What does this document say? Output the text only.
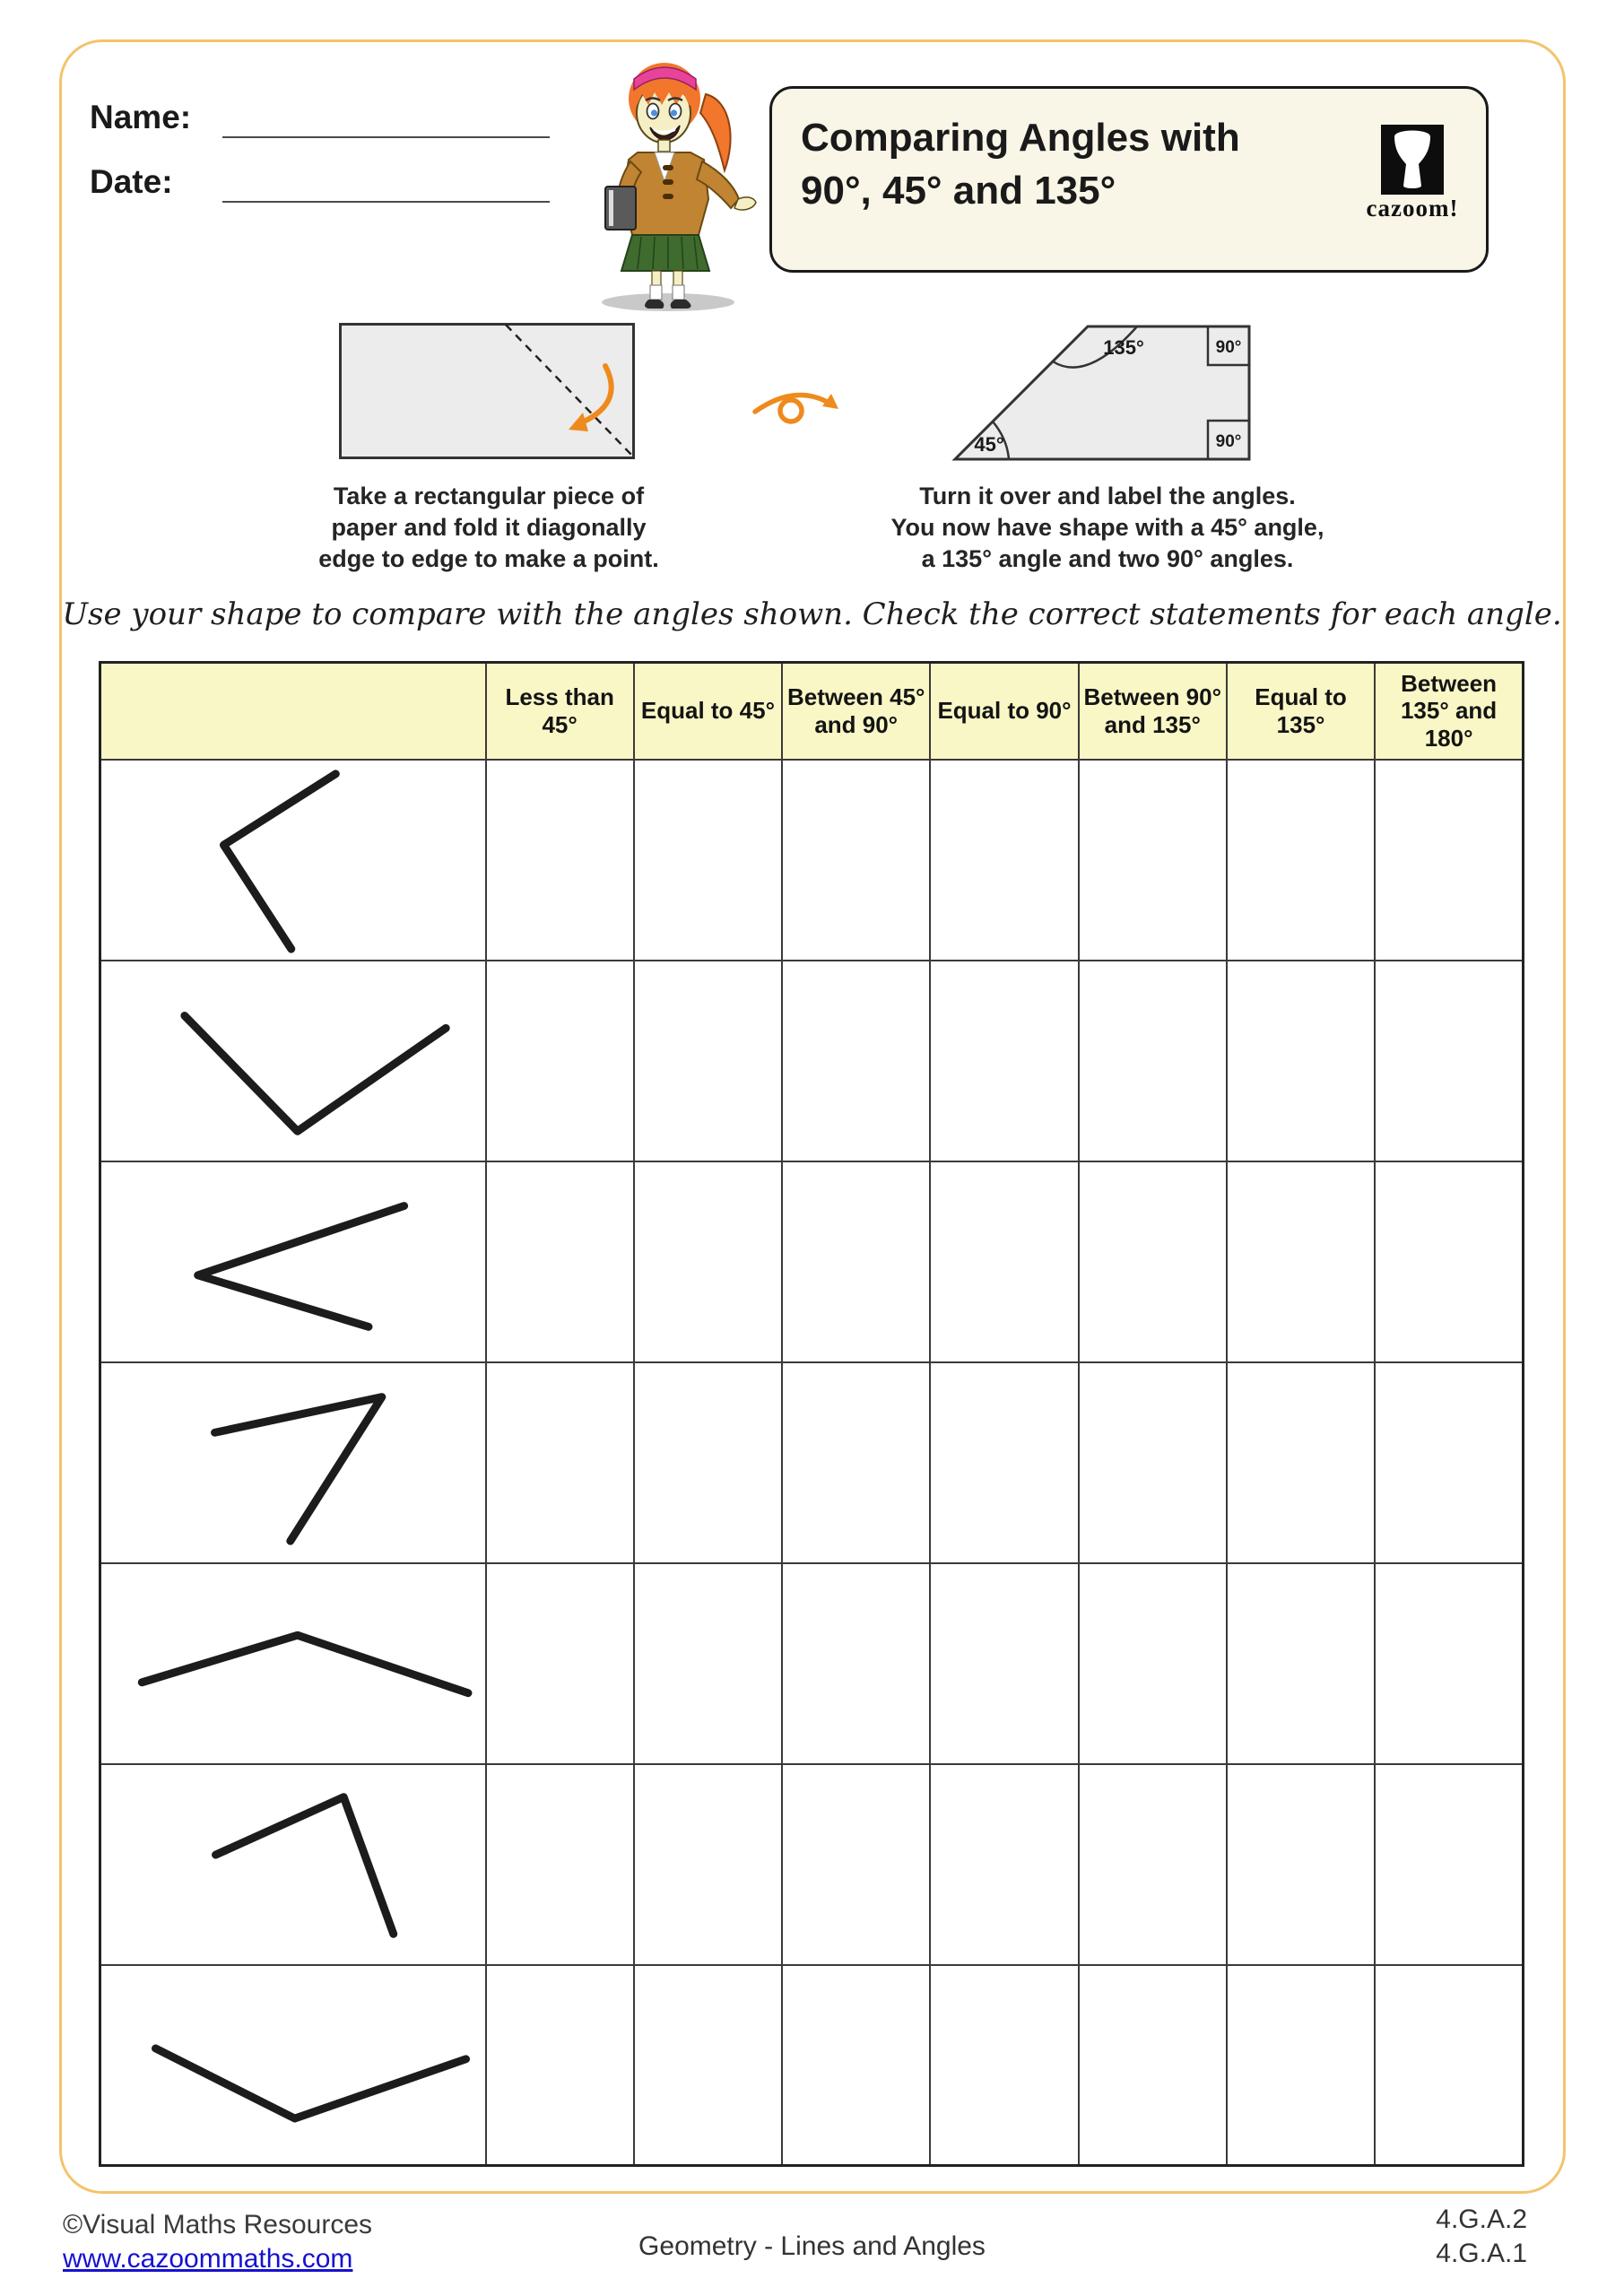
Name:
Date:
Comparing Angles with
90°, 45° and 135°	cazoom!
Take a rectangular piece of
paper and fold it diagonally
edge to edge to make a point.
135°
45°
90°
90°
Turn it over and label the angles.
You now have shape with a 45° angle,
a 135° angle and two 90° angles.
Use your shape to compare with the angles shown. Check the correct statements for each angle.
	Less than 45°	Equal to 45°	Between 45° and 90°	Equal to 90°	Between 90° and 135°	Equal to 135°	Between 135° and 180°

©Visual Maths Resources
www.cazoommaths.com	Geometry - Lines and Angles
4.G.A.2
4.G.A.1
